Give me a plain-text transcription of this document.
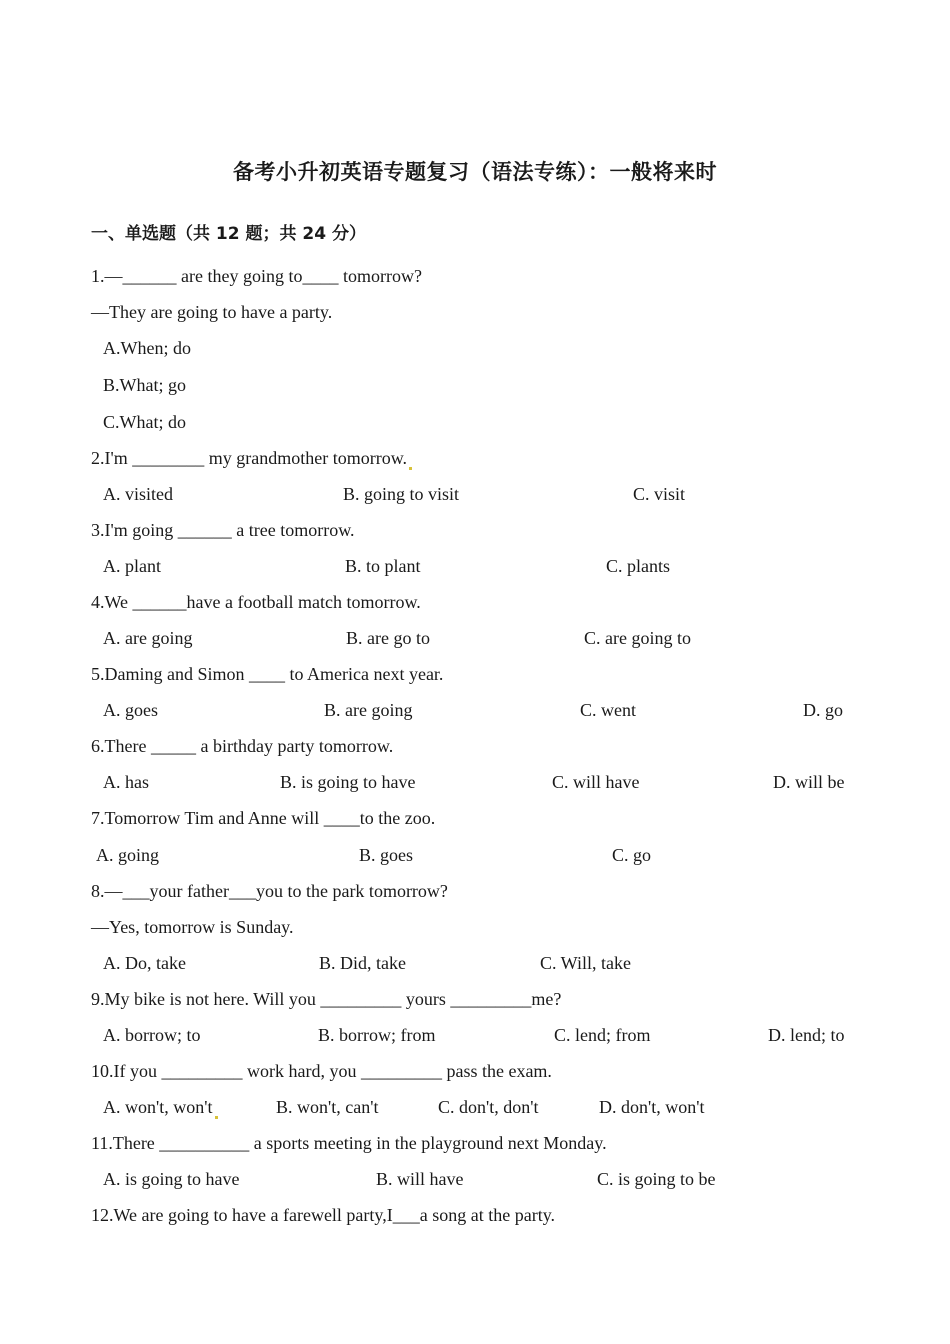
备考小升初英语专题复习（语法专练）：一般将来时
一、单选题（共 12 题；共 24 分）
1.—______ are they going to____ tomorrow?
—They are going to have a party.
A.When; do
B.What; go
C.What; do
2.I'm ________ my grandmother tomorrow.
A. visited	B. going to visit	C. visit
3.I'm going ______ a tree tomorrow.
A. plant	B. to plant	C. plants
4.We ______have a football match tomorrow.
A. are going	B. are go to	C. are going to
5.Daming and Simon ____ to America next year.
A. goes	B. are going	C. went	D. go
6.There _____ a birthday party tomorrow.
A. has	B. is going to have	C. will have	D. will be
7.Tomorrow Tim and Anne will ____to the zoo.
A. going	B. goes	C. go
8.—___your father___you to the park tomorrow?
—Yes, tomorrow is Sunday.
A. Do, take	B. Did, take	C. Will, take
9.My bike is not here. Will you _________ yours _________me?
A. borrow; to	B. borrow; from	C. lend; from	D. lend; to
10.If you _________ work hard, you _________ pass the exam.
A. won't, won't	B. won't, can't	C. don't, don't	D. don't, won't
11.There __________ a sports meeting in the playground next Monday.
A. is going to have	B. will have	C. is going to be
12.We are going to have a farewell party,I___a song at the party.
